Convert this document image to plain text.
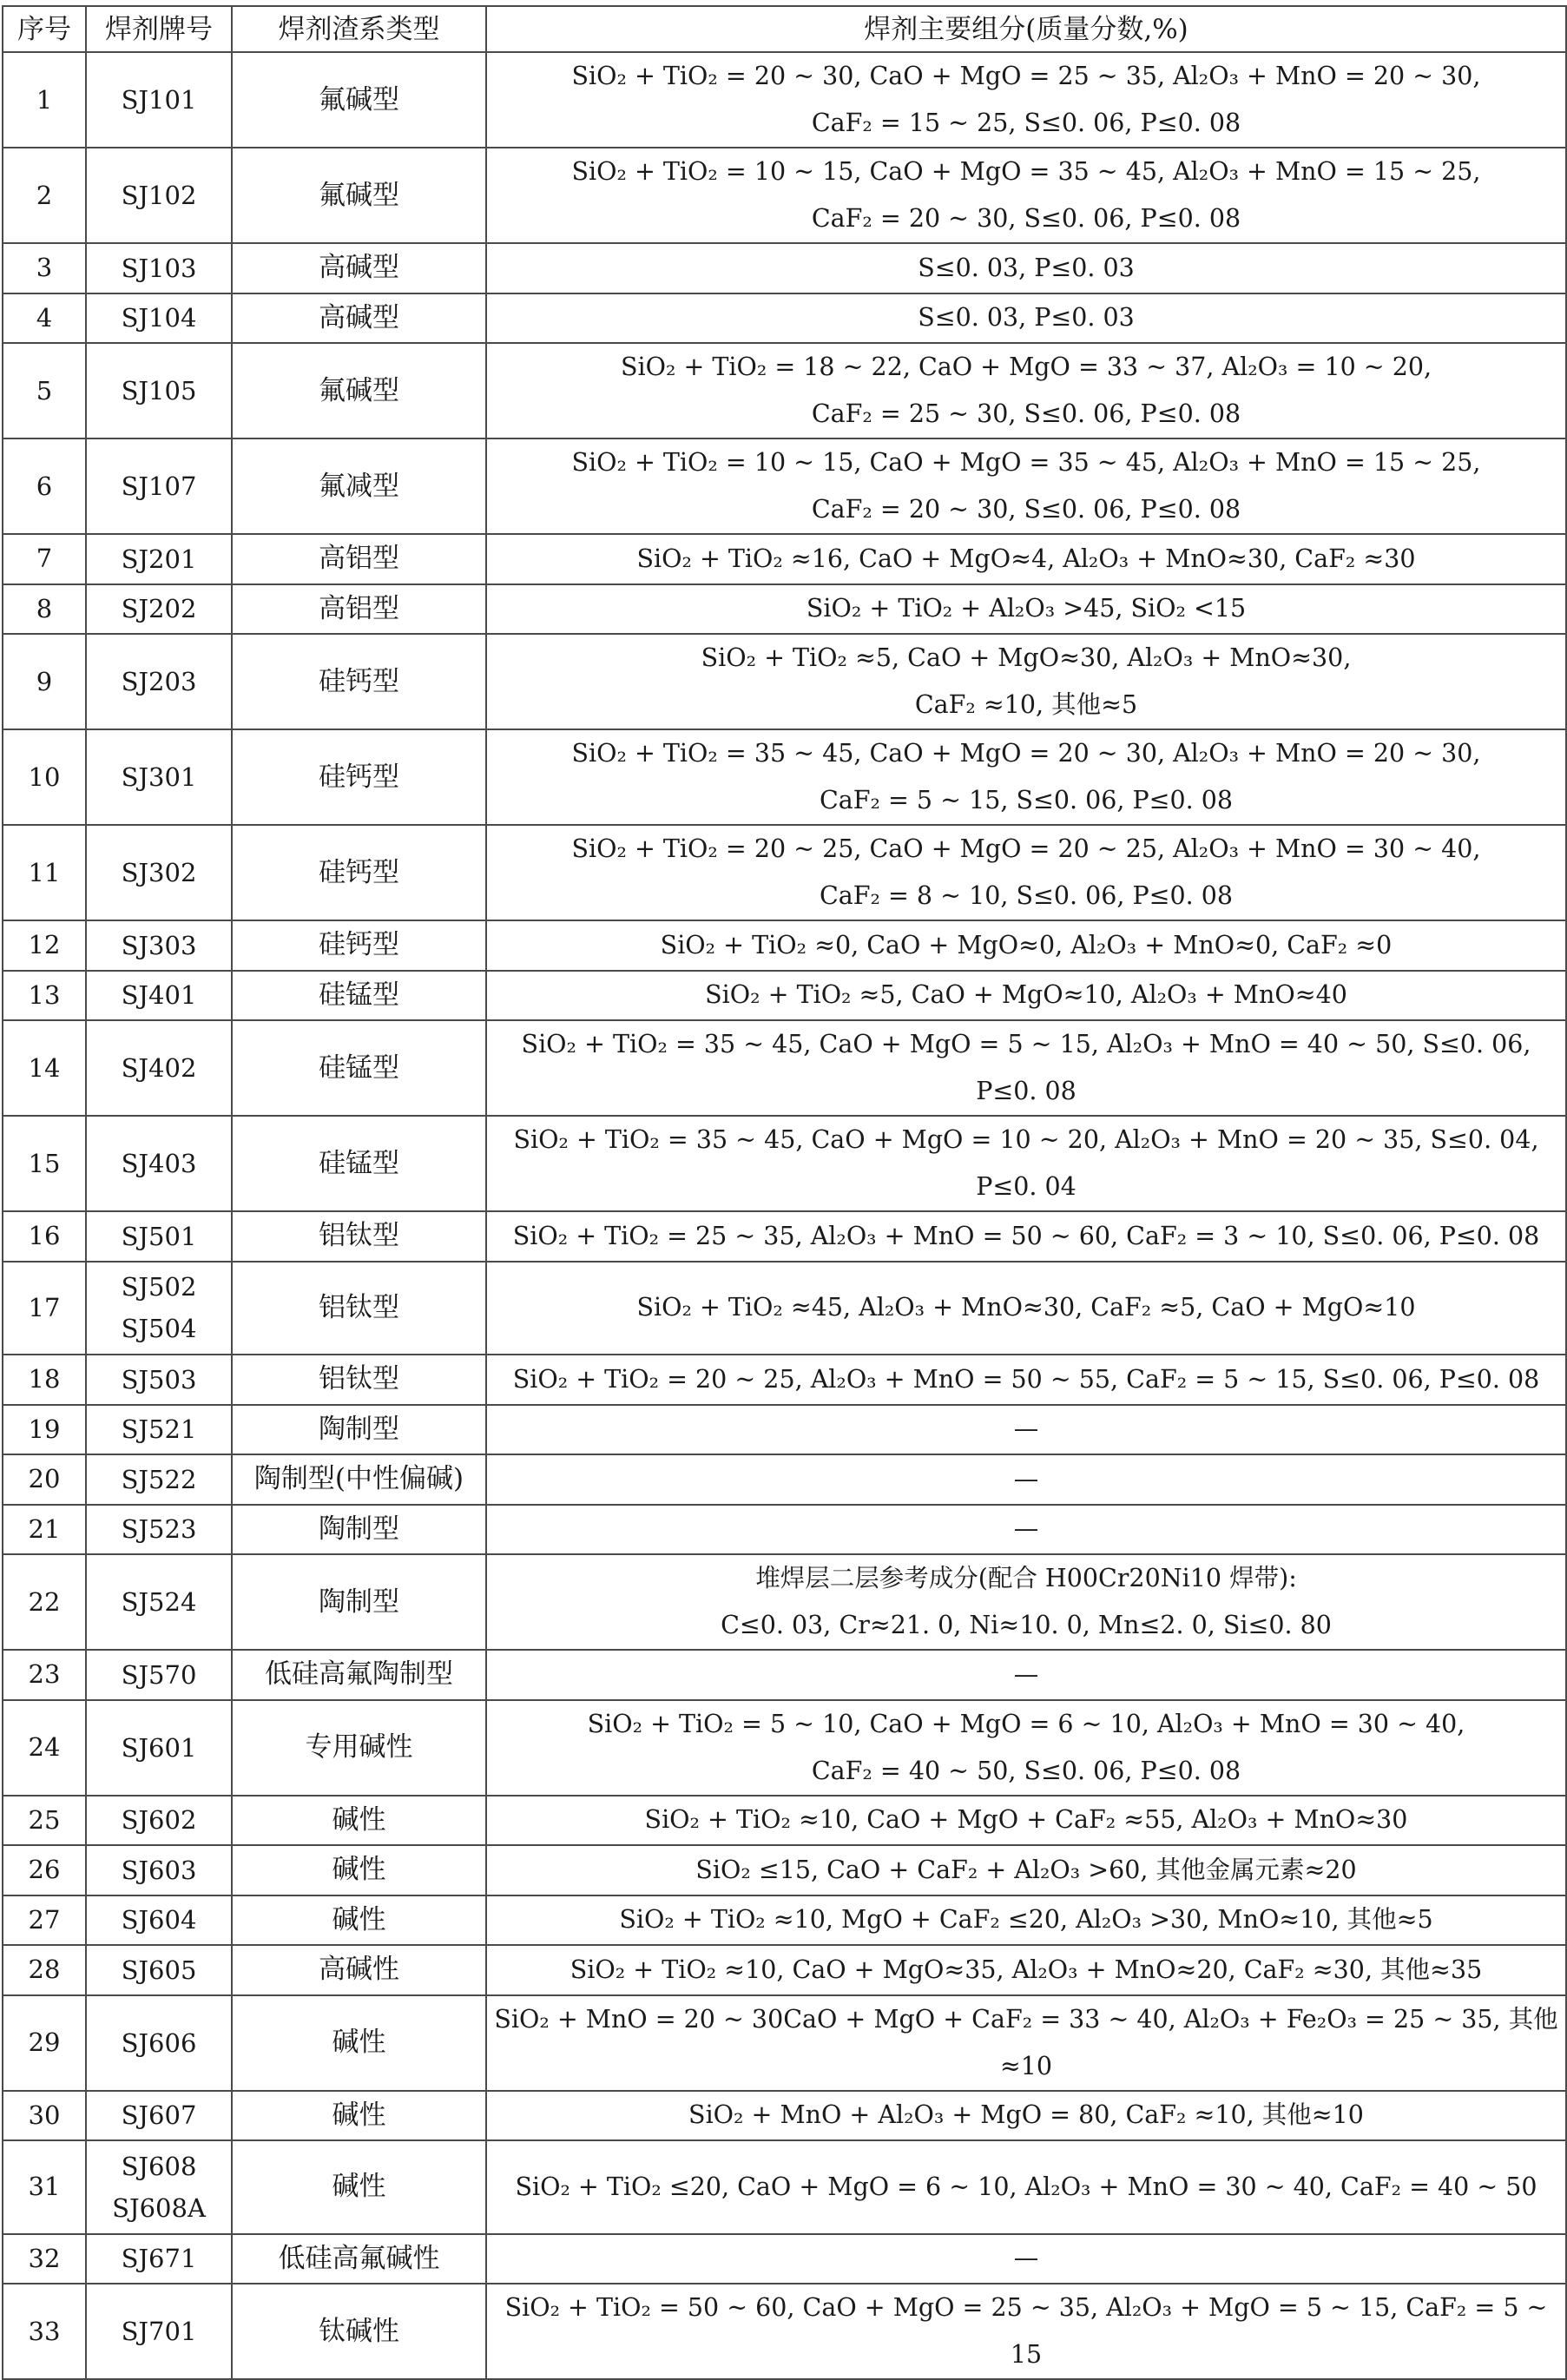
序号	焊剂牌号	焊剂渣系类型	焊剂主要组分(质量分数,%)
1	SJ101	氟碱型	SiO₂ + TiO₂ = 20 ~ 30, CaO + MgO = 25 ~ 35, Al₂O₃ + MnO = 20 ~ 30,
CaF₂ = 15 ~ 25, S≤0. 06, P≤0. 08

2	SJ102	氟碱型	SiO₂ + TiO₂ = 10 ~ 15, CaO + MgO = 35 ~ 45, Al₂O₃ + MnO = 15 ~ 25,
CaF₂ = 20 ~ 30, S≤0. 06, P≤0. 08

3	SJ103	高碱型	S≤0. 03, P≤0. 03

4	SJ104	高碱型	S≤0. 03, P≤0. 03

5	SJ105	氟碱型	SiO₂ + TiO₂ = 18 ~ 22, CaO + MgO = 33 ~ 37, Al₂O₃ = 10 ~ 20,
CaF₂ = 25 ~ 30, S≤0. 06, P≤0. 08

6	SJ107	氟减型	SiO₂ + TiO₂ = 10 ~ 15, CaO + MgO = 35 ~ 45, Al₂O₃ + MnO = 15 ~ 25,
CaF₂ = 20 ~ 30, S≤0. 06, P≤0. 08

7	SJ201	高铝型	SiO₂ + TiO₂ ≈16, CaO + MgO≈4, Al₂O₃ + MnO≈30, CaF₂ ≈30

8	SJ202	高铝型	SiO₂ + TiO₂ + Al₂O₃ >45, SiO₂ <15

9	SJ203	硅钙型	SiO₂ + TiO₂ ≈5, CaO + MgO≈30, Al₂O₃ + MnO≈30,
CaF₂ ≈10, 其他≈5

10	SJ301	硅钙型	SiO₂ + TiO₂ = 35 ~ 45, CaO + MgO = 20 ~ 30, Al₂O₃ + MnO = 20 ~ 30,
CaF₂ = 5 ~ 15, S≤0. 06, P≤0. 08

11	SJ302	硅钙型	SiO₂ + TiO₂ = 20 ~ 25, CaO + MgO = 20 ~ 25, Al₂O₃ + MnO = 30 ~ 40,
CaF₂ = 8 ~ 10, S≤0. 06, P≤0. 08

12	SJ303	硅钙型	SiO₂ + TiO₂ ≈0, CaO + MgO≈0, Al₂O₃ + MnO≈0, CaF₂ ≈0

13	SJ401	硅锰型	SiO₂ + TiO₂ ≈5, CaO + MgO≈10, Al₂O₃ + MnO≈40

14	SJ402	硅锰型	SiO₂ + TiO₂ = 35 ~ 45, CaO + MgO = 5 ~ 15, Al₂O₃ + MnO = 40 ~ 50, S≤0. 06, P≤0. 08

15	SJ403	硅锰型	SiO₂ + TiO₂ = 35 ~ 45, CaO + MgO = 10 ~ 20, Al₂O₃ + MnO = 20 ~ 35, S≤0. 04, P≤0. 04

16	SJ501	铝钛型	SiO₂ + TiO₂ = 25 ~ 35, Al₂O₃ + MnO = 50 ~ 60, CaF₂ = 3 ~ 10, S≤0. 06, P≤0. 08

17	SJ502
SJ504	铝钛型	SiO₂ + TiO₂ ≈45, Al₂O₃ + MnO≈30, CaF₂ ≈5, CaO + MgO≈10

18	SJ503	铝钛型	SiO₂ + TiO₂ = 20 ~ 25, Al₂O₃ + MnO = 50 ~ 55, CaF₂ = 5 ~ 15, S≤0. 06, P≤0. 08

19	SJ521	陶制型	—

20	SJ522	陶制型(中性偏碱)	—

21	SJ523	陶制型	—

22	SJ524	陶制型	堆焊层二层参考成分(配合 H00Cr20Ni10 焊带):
C≤0. 03, Cr≈21. 0, Ni≈10. 0, Mn≤2. 0, Si≤0. 80

23	SJ570	低硅高氟陶制型	—

24	SJ601	专用碱性	SiO₂ + TiO₂ = 5 ~ 10, CaO + MgO = 6 ~ 10, Al₂O₃ + MnO = 30 ~ 40,
CaF₂ = 40 ~ 50, S≤0. 06, P≤0. 08

25	SJ602	碱性	SiO₂ + TiO₂ ≈10, CaO + MgO + CaF₂ ≈55, Al₂O₃ + MnO≈30

26	SJ603	碱性	SiO₂ ≤15, CaO + CaF₂ + Al₂O₃ >60, 其他金属元素≈20

27	SJ604	碱性	SiO₂ + TiO₂ ≈10, MgO + CaF₂ ≤20, Al₂O₃ >30, MnO≈10, 其他≈5

28	SJ605	高碱性	SiO₂ + TiO₂ ≈10, CaO + MgO≈35, Al₂O₃ + MnO≈20, CaF₂ ≈30, 其他≈35

29	SJ606	碱性	SiO₂ + MnO = 20 ~ 30CaO + MgO + CaF₂ = 33 ~ 40, Al₂O₃ + Fe₂O₃ = 25 ~ 35, 其他≈10

30	SJ607	碱性	SiO₂ + MnO + Al₂O₃ + MgO = 80, CaF₂ ≈10, 其他≈10

31	SJ608
SJ608A	碱性	SiO₂ + TiO₂ ≤20, CaO + MgO = 6 ~ 10, Al₂O₃ + MnO = 30 ~ 40, CaF₂ = 40 ~ 50

32	SJ671	低硅高氟碱性	—

33	SJ701	钛碱性	SiO₂ + TiO₂ = 50 ~ 60, CaO + MgO = 25 ~ 35, Al₂O₃ + MgO = 5 ~ 15, CaF₂ = 5 ~ 15
